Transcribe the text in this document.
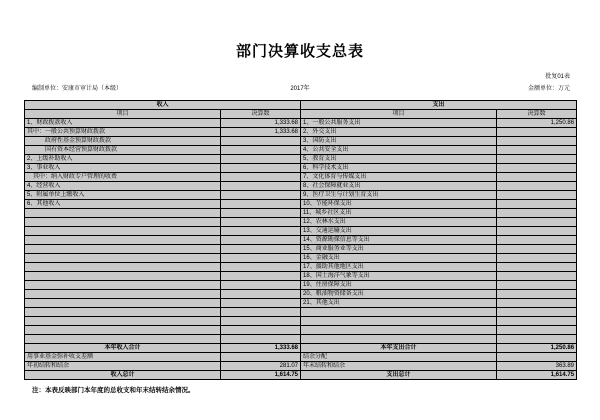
部门决算收支总表
编制单位：安康市审计局（本级）	2017年
批复01表
金额单位：万元
收入		支出	
项目	决算数	项目	决算数
1、财政拨款收入	1,333.68	1、一般公共服务支出	1,250.86
其中：一般公共预算财政拨款	1,333.68	2、外交支出	
　　　政府性基金预算财政拨款		3、国防支出	
　　　国有资本经营预算财政拨款		4、公共安全支出	
2、上级补助收入		5、教育支出	
3、事业收入		6、科学技术支出	
　其中：纳入财政专户管理的收费		7、文化体育与传媒支出	
4、经营收入		8、社会保障就业支出	
5、附属单位上缴收入		9、医疗卫生与计划生育支出	
6、其他收入		10、节能环保支出	
		11、城乡社区支出	
		12、农林水支出	
		13、交通运输支出	
		14、资源勘探信息等支出	
		15、商业服务业等支出	
		16、金融支出	
		17、援助其他地区支出	
		18、国土海洋气象等支出	
		19、住房保障支出	
		20、粮油物资储备支出	
		21、其他支出	

本年收入合计	1,333.68	本年支出合计	1,250.86
用事业基金弥补收支差额		结余分配	
年初结转和结余	281.07	年末结转和结余	363.89
收入总计	1,614.75	支出总计	1,614.75
注：本表反映部门本年度的总收支和年末结转结余情况。
